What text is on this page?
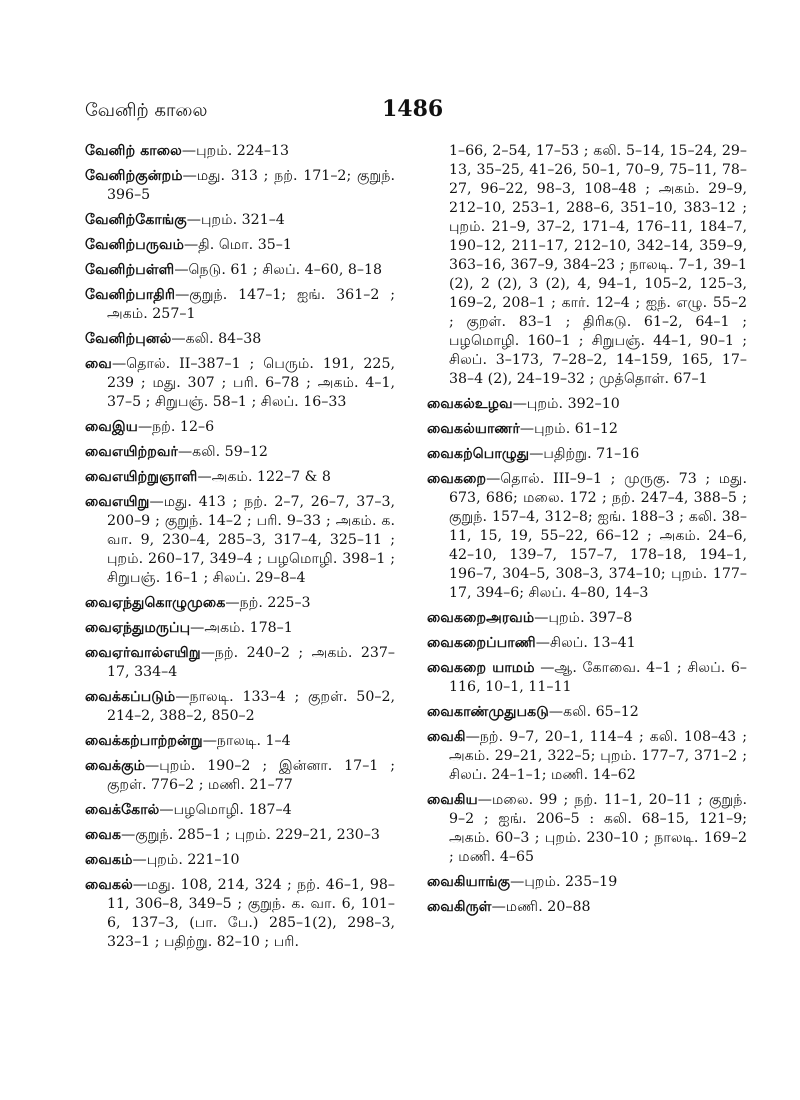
வேனிற் காலை	1486
வேனிற் காலை—புறம். 224–13
வேனிற்குன்றம்—மது. 313 ; நற். 171–2; குறுந். 396–5
வேனிற்கோங்கு—புறம். 321–4
வேனிற்பருவம்—தி. மொ. 35–1
வேனிற்பள்ளி—நெடு. 61 ; சிலப். 4–60, 8–18
வேனிற்பாதிரி—குறுந். 147–1; ஐங். 361–2 ; அகம். 257–1
வேனிற்புனல்—கலி. 84–38
வை—தொல். II–387–1 ; பெரும். 191, 225, 239 ; மது. 307 ; பரி. 6–78 ; அகம். 4–1, 37–5 ; சிறுபஞ். 58–1 ; சிலப். 16–33
வைஇய—நற். 12–6
வைஎயிற்றவர்—கலி. 59–12
வைஎயிற்றுஞாளி—அகம். 122–7 & 8
வைஎயிறு—மது. 413 ; நற். 2–7, 26–7, 37–3, 200–9 ; குறுந். 14–2 ; பரி. 9–33 ; அகம். க. வா. 9, 230–4, 285–3, 317–4, 325–11 ; புறம். 260–17, 349–4 ; பழமொழி. 398–1 ; சிறுபஞ். 16–1 ; சிலப். 29–8–4
வைஏந்துகொழுமுகை—நற். 225–3
வைஏந்துமருப்பு—அகம். 178–1
வைஏர்வால்எயிறு—நற். 240–2 ; அகம். 237–17, 334–4
வைக்கப்படும்—நாலடி. 133–4 ; குறள். 50–2, 214–2, 388–2, 850–2
வைக்கற்பாற்றன்று—நாலடி. 1–4
வைக்கும்—புறம். 190–2 ; இன்னா. 17–1 ; குறள். 776–2 ; மணி. 21–77
வைக்கோல்—பழமொழி. 187–4
வைக—குறுந். 285–1 ; புறம். 229–21, 230–3
வைகம்—புறம். 221–10
வைகல்—மது. 108, 214, 324 ; நற். 46–1, 98–11, 306–8, 349–5 ; குறுந். க. வா. 6, 101–6, 137–3, (பா. பே.) 285–1(2), 298–3, 323–1 ; பதிற்று. 82–10 ; பரி.
1–66, 2–54, 17–53 ; கலி. 5–14, 15–24, 29–13, 35–25, 41–26, 50–1, 70–9, 75–11, 78–27, 96–22, 98–3, 108–48 ; அகம். 29–9, 212–10, 253–1, 288–6, 351–10, 383–12 ; புறம். 21–9, 37–2, 171–4, 176–11, 184–7, 190–12, 211–17, 212–10, 342–14, 359–9, 363–16, 367–9, 384–23 ; நாலடி. 7–1, 39–1 (2), 2 (2), 3 (2), 4, 94–1, 105–2, 125–3, 169–2, 208–1 ; கார். 12–4 ; ஐந். எழு. 55–2 ; குறள். 83–1 ; திரிகடு. 61–2, 64–1 ; பழமொழி. 160–1 ; சிறுபஞ். 44–1, 90–1 ; சிலப். 3–173, 7–28–2, 14–159, 165, 17–38–4 (2), 24–19–32 ; முத்தொள். 67–1
வைகல்உழவ—புறம். 392–10
வைகல்யாணர்—புறம். 61–12
வைகற்பொழுது—பதிற்று. 71–16
வைகறை—தொல். III–9–1 ; முருகு. 73 ; மது. 673, 686; மலை. 172 ; நற். 247–4, 388–5 ; குறுந். 157–4, 312–8; ஐங். 188–3 ; கலி. 38–11, 15, 19, 55–22, 66–12 ; அகம். 24–6, 42–10, 139–7, 157–7, 178–18, 194–1, 196–7, 304–5, 308–3, 374–10; புறம். 177–17, 394–6; சிலப். 4–80, 14–3
வைகறைஅரவம்—புறம். 397–8
வைகறைப்பாணி—சிலப். 13–41
வைகறை யாமம் —ஆ. கோவை. 4–1 ; சிலப். 6–116, 10–1, 11–11
வைகாண்முதுபகடு—கலி. 65–12
வைகி—நற். 9–7, 20–1, 114–4 ; கலி. 108–43 ; அகம். 29–21, 322–5; புறம். 177–7, 371–2 ; சிலப். 24–1–1; மணி. 14–62
வைகிய—மலை. 99 ; நற். 11–1, 20–11 ; குறுந். 9–2 ; ஐங். 206–5 : கலி. 68–15, 121–9; அகம். 60–3 ; புறம். 230–10 ; நாலடி. 169–2 ; மணி. 4–65
வைகியாங்கு—புறம். 235–19
வைகிருள்—மணி. 20–88
